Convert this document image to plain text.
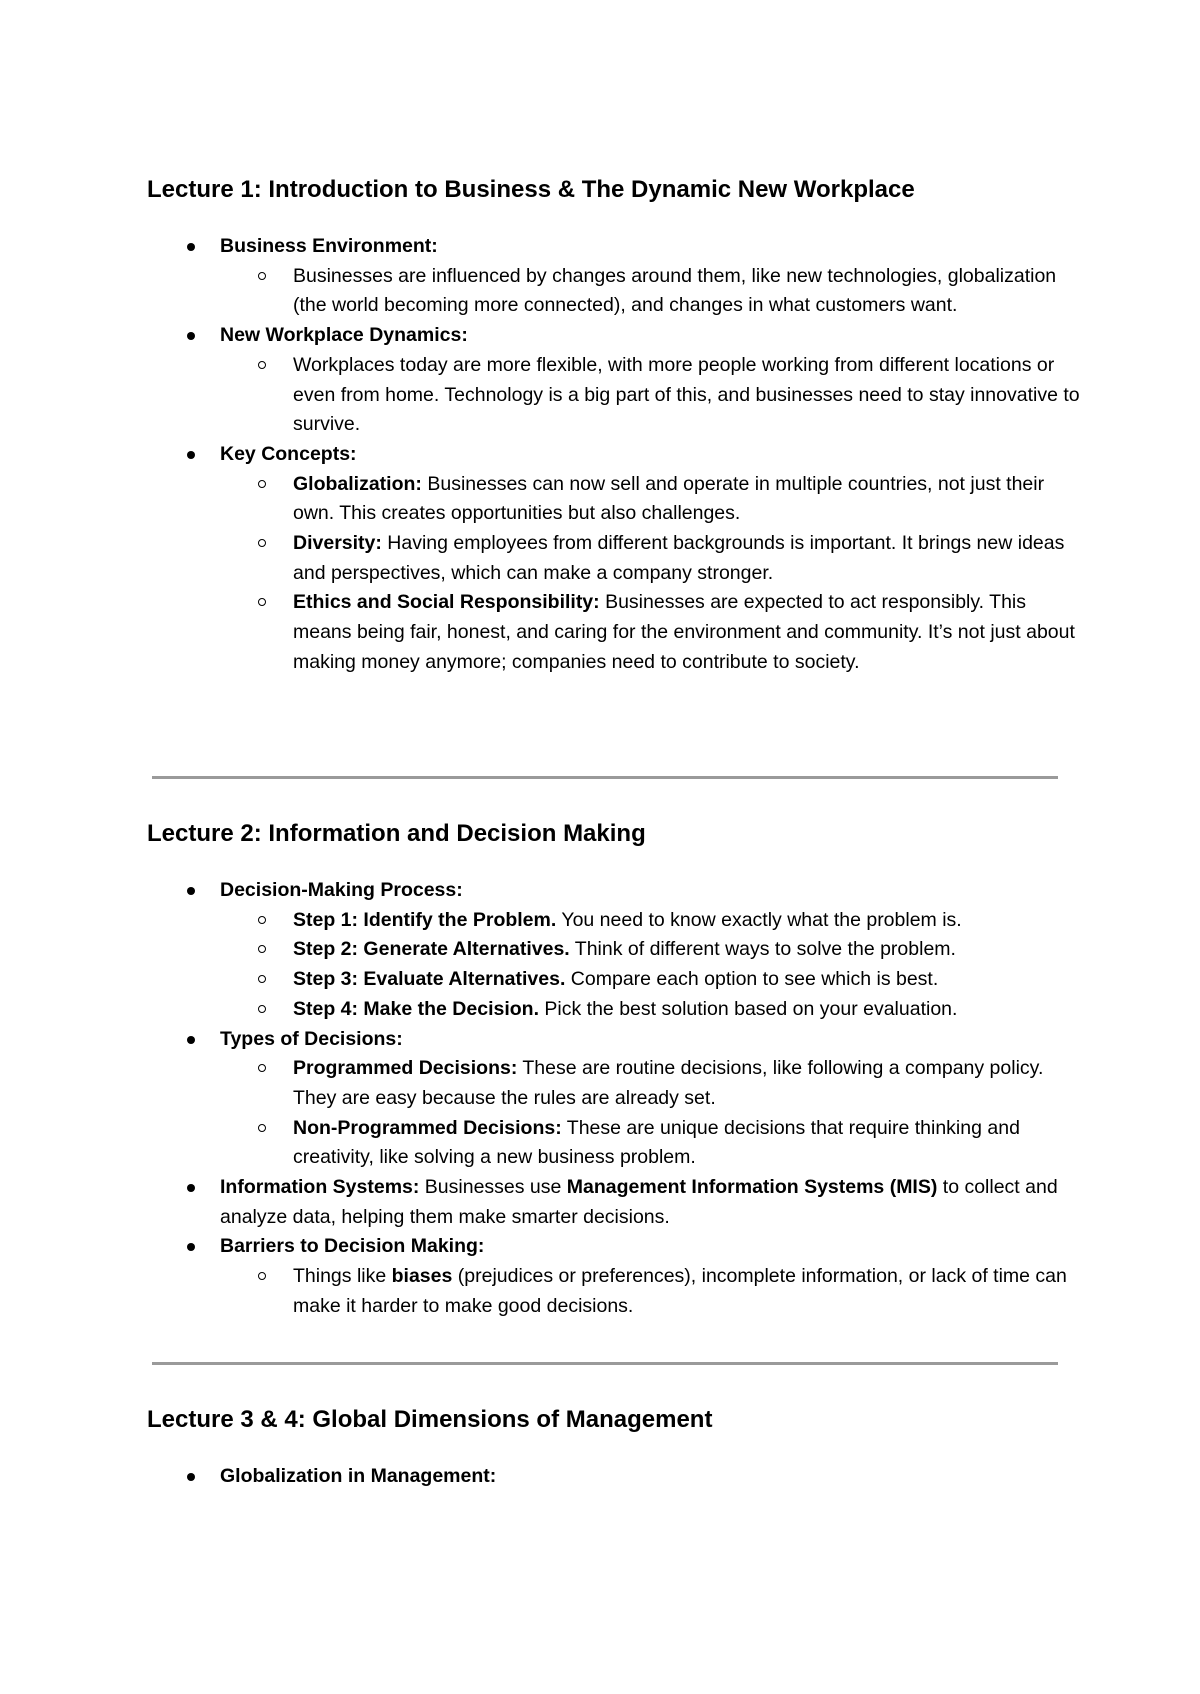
Lecture 1: Introduction to Business & The Dynamic New Workplace
Business Environment:
Businesses are influenced by changes around them, like new technologies, globalization (the world becoming more connected), and changes in what customers want.
New Workplace Dynamics:
Workplaces today are more flexible, with more people working from different locations or even from home. Technology is a big part of this, and businesses need to stay innovative to survive.
Key Concepts:
Globalization: Businesses can now sell and operate in multiple countries, not just their own. This creates opportunities but also challenges.
Diversity: Having employees from different backgrounds is important. It brings new ideas and perspectives, which can make a company stronger.
Ethics and Social Responsibility: Businesses are expected to act responsibly. This means being fair, honest, and caring for the environment and community. It’s not just about making money anymore; companies need to contribute to society.
Lecture 2: Information and Decision Making
Decision-Making Process:
Step 1: Identify the Problem. You need to know exactly what the problem is.
Step 2: Generate Alternatives. Think of different ways to solve the problem.
Step 3: Evaluate Alternatives. Compare each option to see which is best.
Step 4: Make the Decision. Pick the best solution based on your evaluation.
Types of Decisions:
Programmed Decisions: These are routine decisions, like following a company policy. They are easy because the rules are already set.
Non-Programmed Decisions: These are unique decisions that require thinking and creativity, like solving a new business problem.
Information Systems: Businesses use Management Information Systems (MIS) to collect and analyze data, helping them make smarter decisions.
Barriers to Decision Making:
Things like biases (prejudices or preferences), incomplete information, or lack of time can make it harder to make good decisions.
Lecture 3 & 4: Global Dimensions of Management
Globalization in Management:
